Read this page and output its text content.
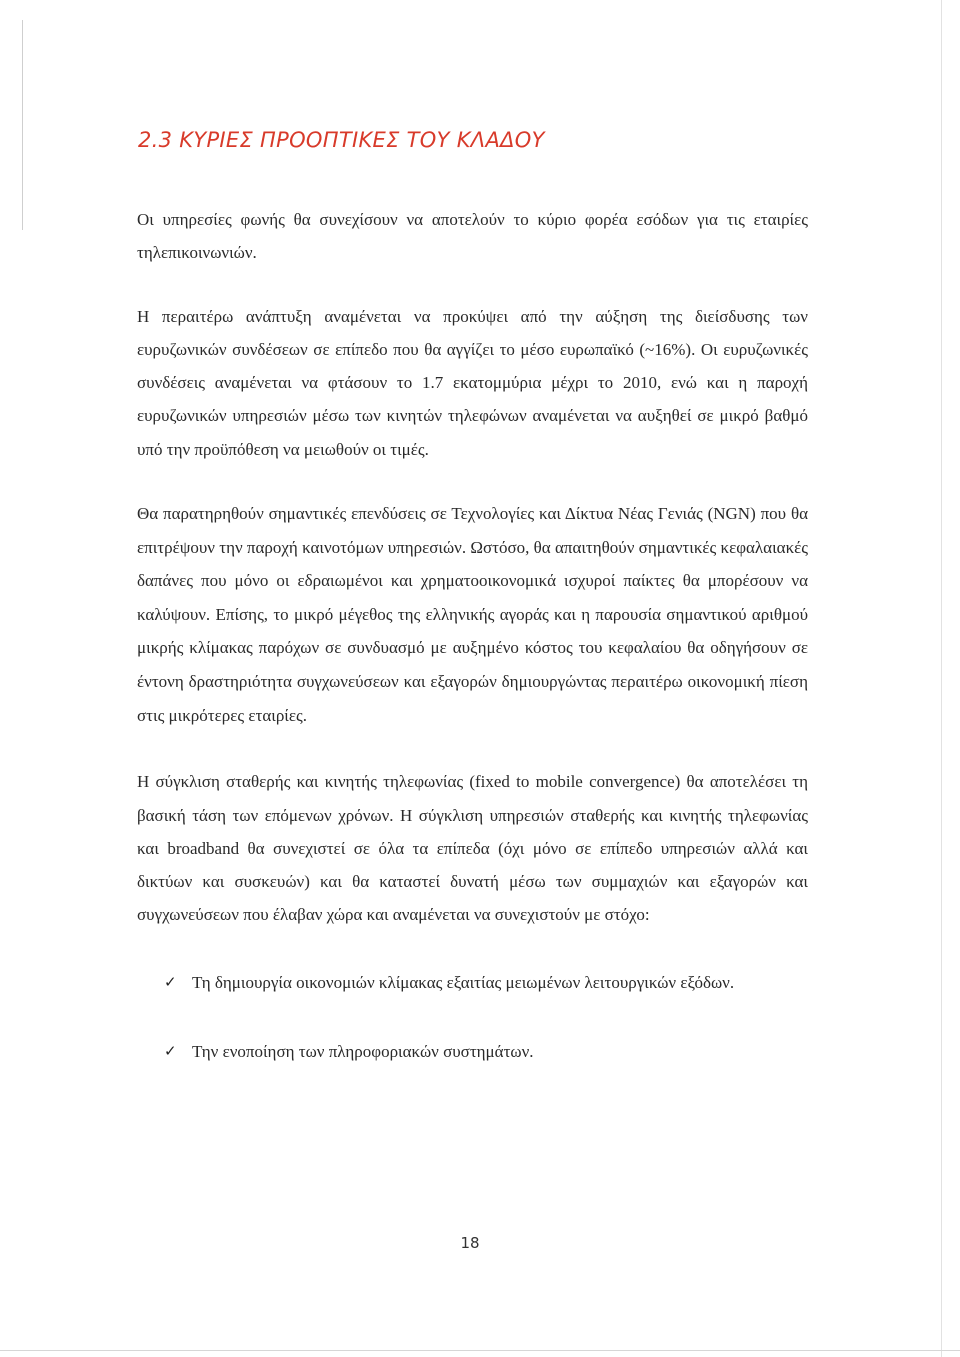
2.3 ΚΥΡΙΕΣ ΠΡΟΟΠΤΙΚΕΣ ΤΟΥ ΚΛΑΔΟΥ

Οι υπηρεσίες φωνής θα συνεχίσουν να αποτελούν το κύριο φορέα εσόδων για τις εταιρίες τηλεπικοινωνιών.

Η περαιτέρω ανάπτυξη αναμένεται να προκύψει από την αύξηση της διείσδυσης των ευρυζωνικών συνδέσεων σε επίπεδο που θα αγγίζει το μέσο ευρωπαϊκό (~16%). Οι ευρυζωνικές συνδέσεις αναμένεται να φτάσουν το 1.7 εκατομμύρια μέχρι το 2010, ενώ και η παροχή ευρυζωνικών υπηρεσιών μέσω των κινητών τηλεφώνων αναμένεται να αυξηθεί σε μικρό βαθμό υπό την προϋπόθεση να μειωθούν οι τιμές.

Θα παρατηρηθούν σημαντικές επενδύσεις σε Τεχνολογίες και Δίκτυα Νέας Γενιάς (NGN) που θα επιτρέψουν την παροχή καινοτόμων υπηρεσιών. Ωστόσο, θα απαιτηθούν σημαντικές κεφαλαιακές δαπάνες που μόνο οι εδραιωμένοι και χρηματοοικονομικά ισχυροί παίκτες θα μπορέσουν να καλύψουν. Επίσης, το μικρό μέγεθος της ελληνικής αγοράς και η παρουσία σημαντικού αριθμού μικρής κλίμακας παρόχων σε συνδυασμό με αυξημένο κόστος του κεφαλαίου θα οδηγήσουν σε έντονη δραστηριότητα συγχωνεύσεων και εξαγορών δημιουργώντας περαιτέρω οικονομική πίεση στις μικρότερες εταιρίες.

Η σύγκλιση σταθερής και κινητής τηλεφωνίας (fixed to mobile convergence) θα αποτελέσει τη βασική τάση των επόμενων χρόνων. Η σύγκλιση υπηρεσιών σταθερής και κινητής τηλεφωνίας και broadband θα συνεχιστεί σε όλα τα επίπεδα (όχι μόνο σε επίπεδο υπηρεσιών αλλά και δικτύων και συσκευών) και θα καταστεί δυνατή μέσω των συμμαχιών και εξαγορών και συγχωνεύσεων που έλαβαν χώρα και αναμένεται να συνεχιστούν με στόχο:

✓ Τη δημιουργία οικονομιών κλίμακας εξαιτίας μειωμένων λειτουργικών εξόδων.
✓ Την ενοποίηση των πληροφοριακών συστημάτων.
18
